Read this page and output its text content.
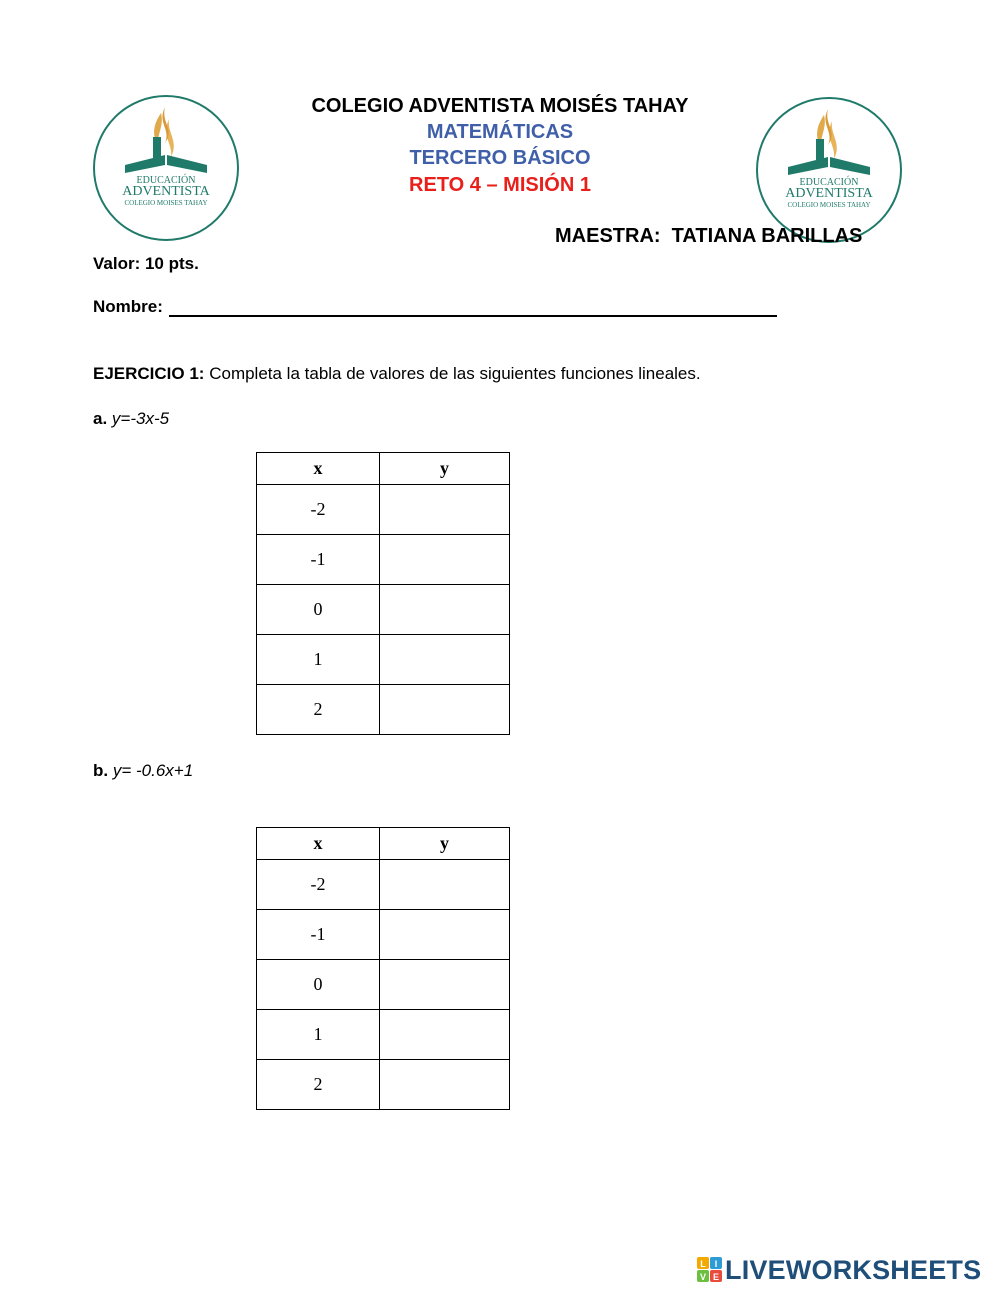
EDUCACIÓN
ADVENTISTA
COLEGIO MOISES TAHAY
EDUCACIÓN
ADVENTISTA
COLEGIO MOISES TAHAY
COLEGIO ADVENTISTA MOISÉS TAHAY
MATEMÁTICAS
TERCERO BÁSICO
RETO 4 – MISIÓN 1
MAESTRA:  TATIANA BARILLAS
Valor: 10 pts.
Nombre:
EJERCICIO 1: Completa la tabla de valores de las siguientes funciones lineales.
a. y=-3x-5
x	y
-2	
-1	
0	
1	
2	
b. y= -0.6x+1
x	y
-2	
-1	
0	
1	
2	
L I
V E LIVEWORKSHEETS
